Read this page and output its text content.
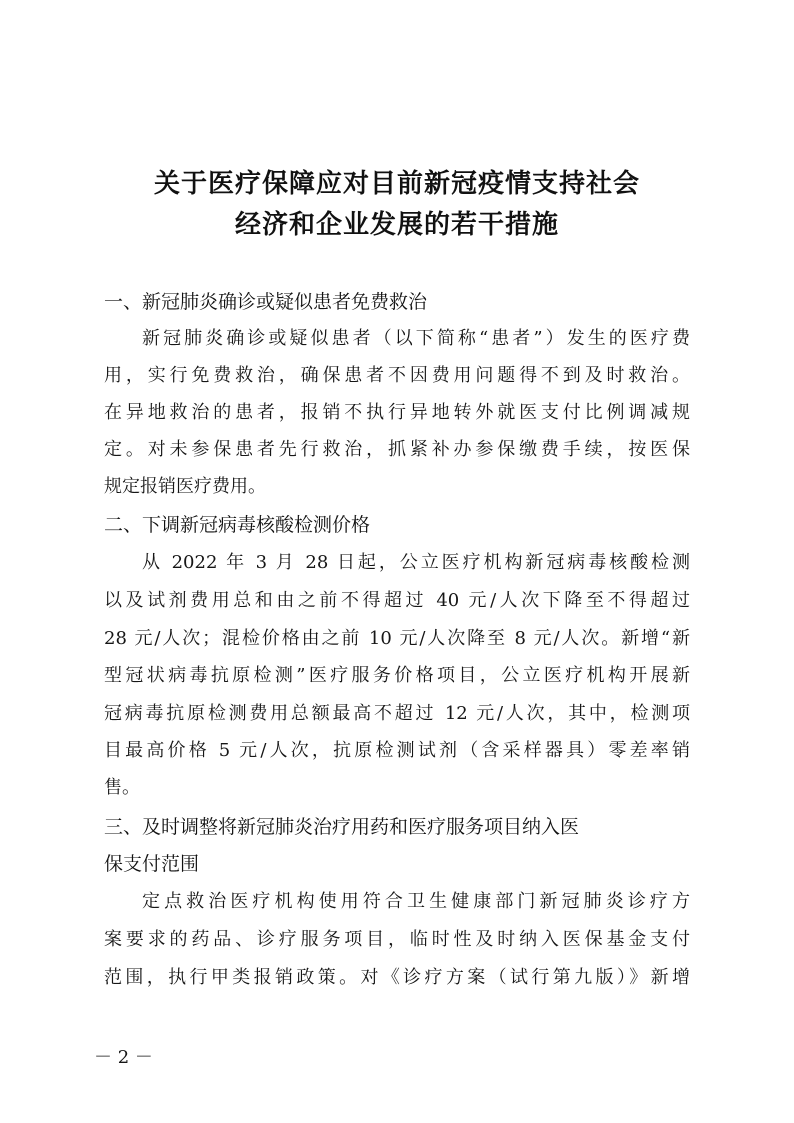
关于医疗保障应对目前新冠疫情支持社会
经济和企业发展的若干措施
一、新冠肺炎确诊或疑似患者免费救治
新冠肺炎确诊或疑似患者（以下简称“患者”）发生的医疗费
用，实行免费救治，确保患者不因费用问题得不到及时救治。
在异地救治的患者，报销不执行异地转外就医支付比例调减规
定。对未参保患者先行救治，抓紧补办参保缴费手续，按医保
规定报销医疗费用。
二、下调新冠病毒核酸检测价格
从 2022 年 3 月 28 日起，公立医疗机构新冠病毒核酸检测
以及试剂费用总和由之前不得超过 40 元/人次下降至不得超过
28 元/人次；混检价格由之前 10 元/人次降至 8 元/人次。新增“新
型冠状病毒抗原检测”医疗服务价格项目，公立医疗机构开展新
冠病毒抗原检测费用总额最高不超过 12 元/人次，其中，检测项
目最高价格 5 元/人次，抗原检测试剂（含采样器具）零差率销
售。
三、及时调整将新冠肺炎治疗用药和医疗服务项目纳入医
保支付范围
定点救治医疗机构使用符合卫生健康部门新冠肺炎诊疗方
案要求的药品、诊疗服务项目，临时性及时纳入医保基金支付
范围，执行甲类报销政策。对《诊疗方案（试行第九版）》新增
－ 2 －
